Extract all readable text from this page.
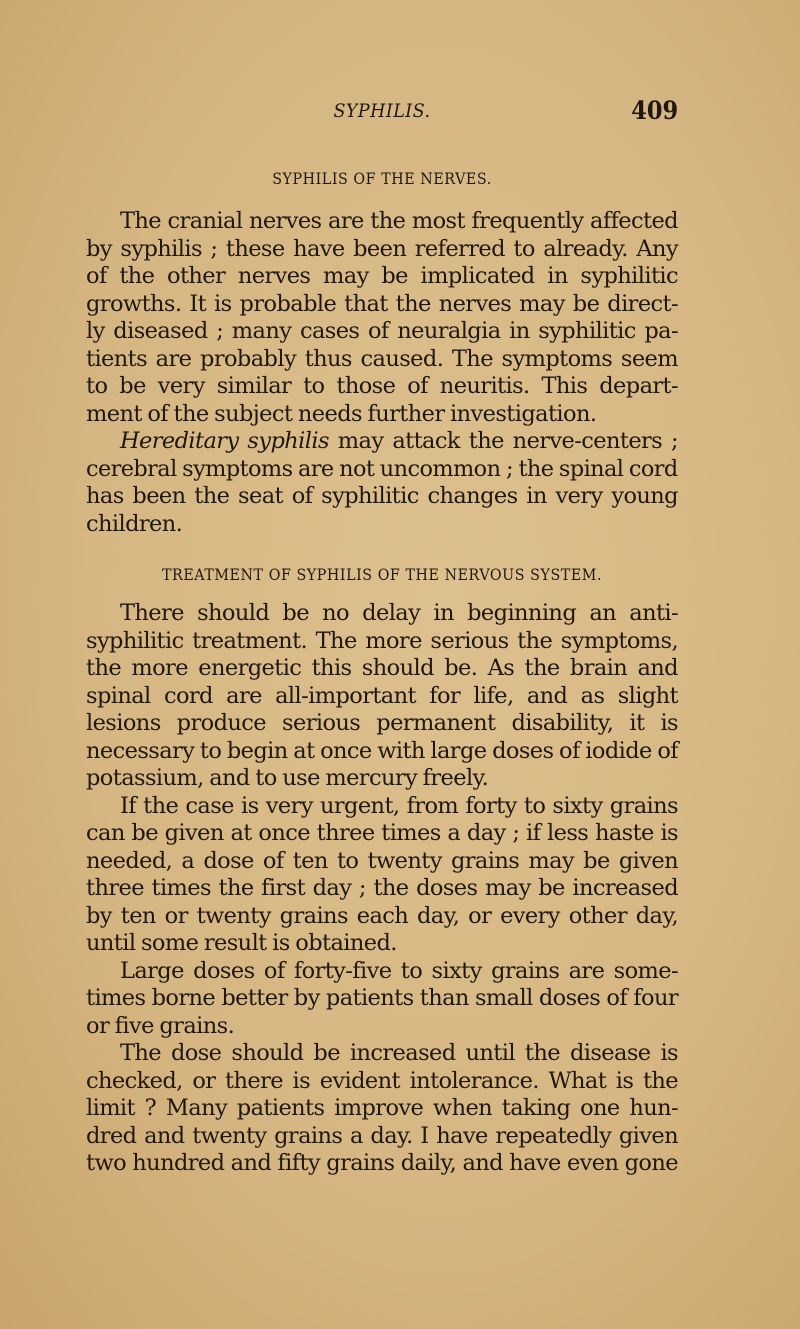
SYPHILIS.	409
SYPHILIS OF THE NERVES.
The cranial nerves are the most frequently affected
by syphilis ; these have been referred to already. Any
of the other nerves may be implicated in syphilitic
growths. It is probable that the nerves may be direct-
ly diseased ; many cases of neuralgia in syphilitic pa-
tients are probably thus caused. The symptoms seem
to be very similar to those of neuritis. This depart-
ment of the subject needs further investigation.
Hereditary syphilis may attack the nerve-centers ;
cerebral symptoms are not uncommon ; the spinal cord
has been the seat of syphilitic changes in very young
children.
TREATMENT OF SYPHILIS OF THE NERVOUS SYSTEM.
There should be no delay in beginning an anti-
syphilitic treatment. The more serious the symptoms,
the more energetic this should be. As the brain and
spinal cord are all-important for life, and as slight
lesions produce serious permanent disability, it is
necessary to begin at once with large doses of iodide of
potassium, and to use mercury freely.
If the case is very urgent, from forty to sixty grains
can be given at once three times a day ; if less haste is
needed, a dose of ten to twenty grains may be given
three times the first day ; the doses may be increased
by ten or twenty grains each day, or every other day,
until some result is obtained.
Large doses of forty-five to sixty grains are some-
times borne better by patients than small doses of four
or five grains.
The dose should be increased until the disease is
checked, or there is evident intolerance. What is the
limit ? Many patients improve when taking one hun-
dred and twenty grains a day. I have repeatedly given
two hundred and fifty grains daily, and have even gone
